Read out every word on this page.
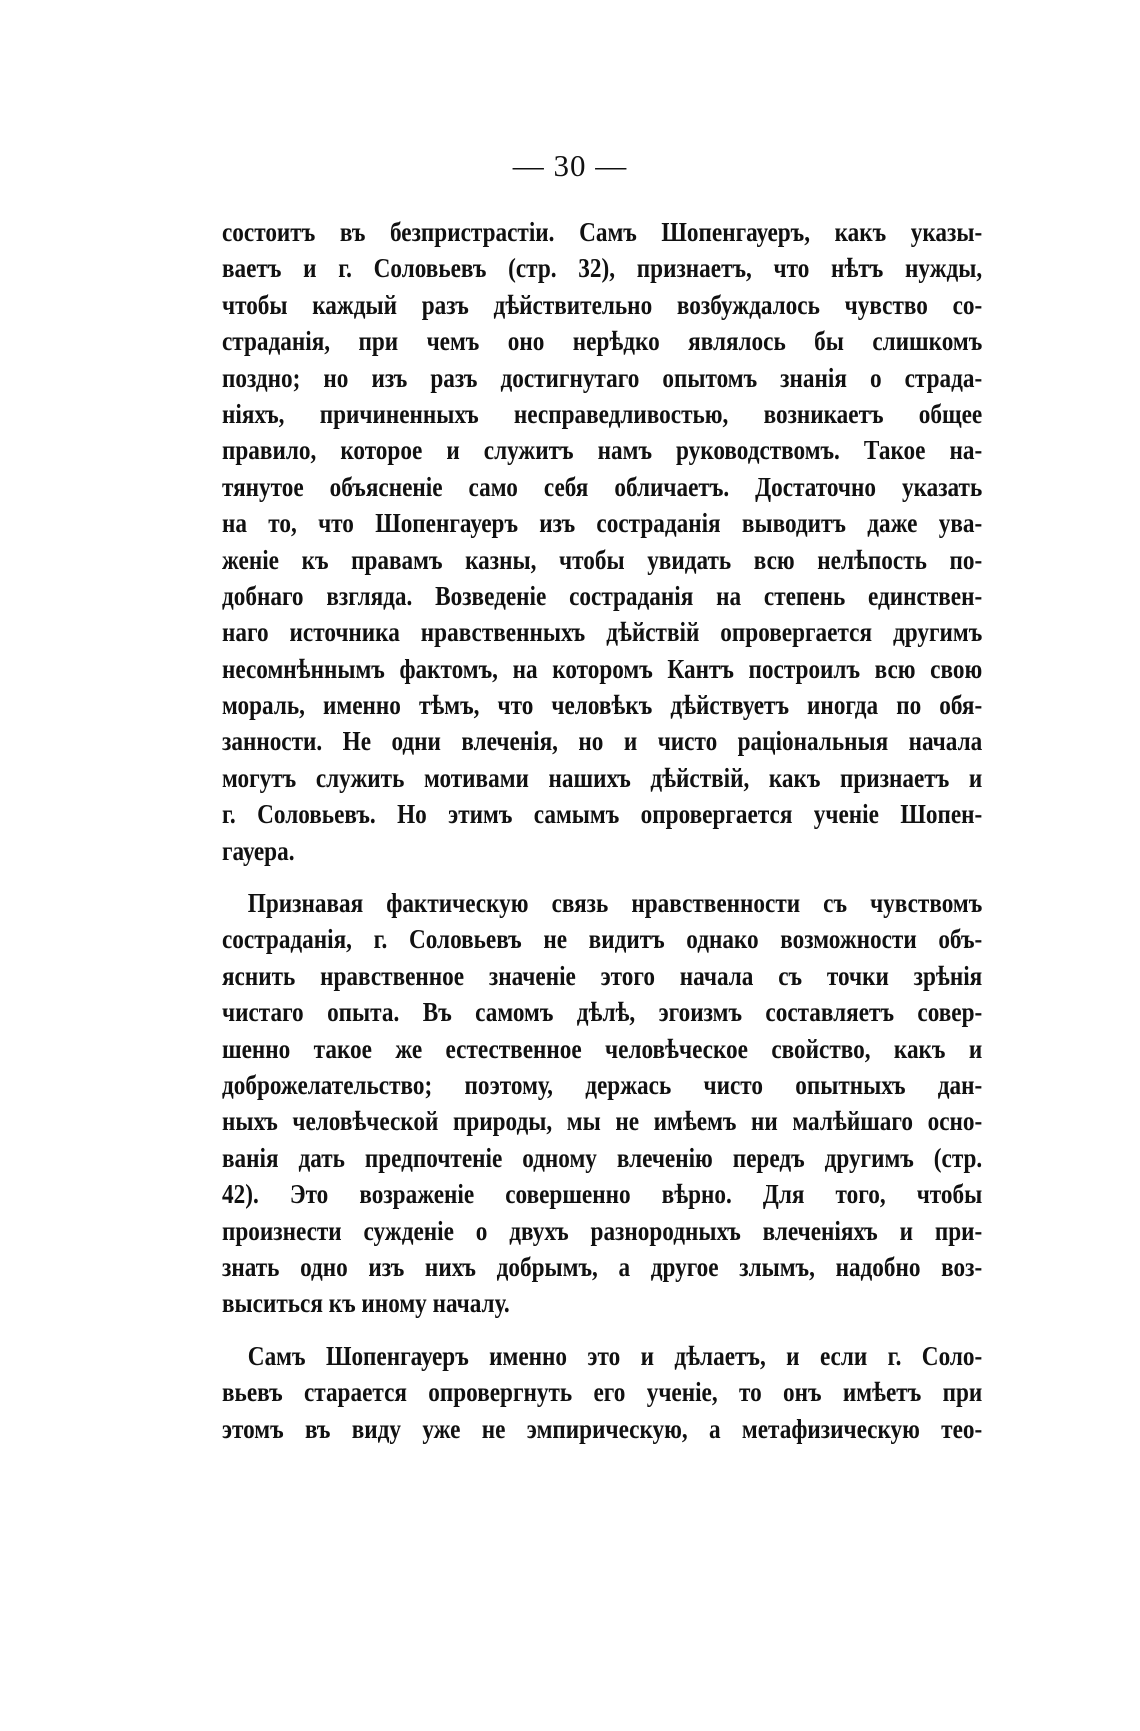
— 30 —
состоитъ въ безпристрастіи. Самъ Шопенгауеръ, какъ указы-
ваетъ и г. Соловьевъ (стр. 32), признаетъ, что нѣтъ нужды,
чтобы каждый разъ дѣйствительно возбуждалось чувство со-
страданія, при чемъ оно нерѣдко являлось бы слишкомъ
поздно; но изъ разъ достигнутаго опытомъ знанія о страда-
ніяхъ, причиненныхъ несправедливостью, возникаетъ общее
правило, которое и служитъ намъ руководствомъ. Такое на-
тянутое объясненіе само себя обличаетъ. Достаточно указать
на то, что Шопенгауеръ изъ состраданія выводитъ даже ува-
женіе къ правамъ казны, чтобы увидать всю нелѣпость по-
добнаго взгляда. Возведеніе состраданія на степень единствен-
наго источника нравственныхъ дѣйствій опровергается другимъ
несомнѣннымъ фактомъ, на которомъ Кантъ построилъ всю свою
мораль, именно тѣмъ, что человѣкъ дѣйствуетъ иногда по обя-
занности. Не одни влеченія, но и чисто раціональныя начала
могутъ служить мотивами нашихъ дѣйствій, какъ признаетъ и
г. Соловьевъ. Но этимъ самымъ опровергается ученіе Шопен-
гауера.
Признавая фактическую связь нравственности съ чувствомъ
состраданія, г. Соловьевъ не видитъ однако возможности объ-
яснить нравственное значеніе этого начала съ точки зрѣнія
чистаго опыта. Въ самомъ дѣлѣ, эгоизмъ составляетъ совер-
шенно такое же естественное человѣческое свойство, какъ и
доброжелательство; поэтому, держась чисто опытныхъ дан-
ныхъ человѣческой природы, мы не имѣемъ ни малѣйшаго осно-
ванія дать предпочтеніе одному влеченію передъ другимъ (стр.
42). Это возраженіе совершенно вѣрно. Для того, чтобы
произнести сужденіе о двухъ разнородныхъ влеченіяхъ и при-
знать одно изъ нихъ добрымъ, а другое злымъ, надобно воз-
выситься къ иному началу.
Самъ Шопенгауеръ именно это и дѣлаетъ, и если г. Соло-
вьевъ старается опровергнуть его ученіе, то онъ имѣетъ при
этомъ въ виду уже не эмпирическую, а метафизическую тео-
